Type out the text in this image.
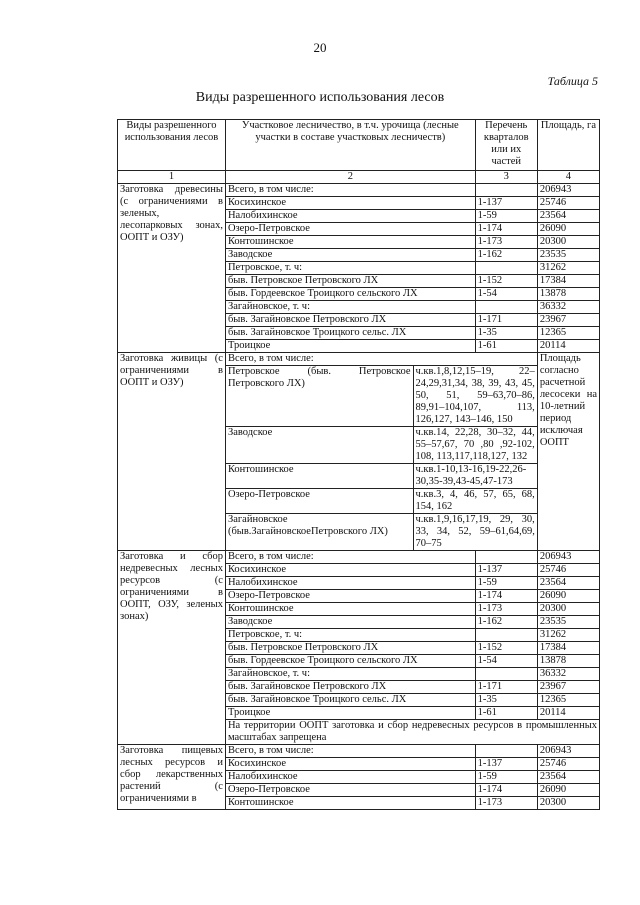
20
Таблица 5
Виды разрешенного использования лесов
Виды разрешенного использования лесов	Участковое лесничество, в т.ч. урочища (лесные участки в составе участковых лесничеств)		Перечень кварталов или их частей	Площадь, га
1	2		3	4
Заготовка древесины (с ограничениями в зеленых, лесопарковых зонах, ООПТ и ОЗУ)	Всего, в том числе:			206943
	Косихинское		1-137	25746
	Налобихинское		1-59	23564
	Озеро-Петровское		1-174	26090
	Контошинское		1-173	20300
	Заводское		1-162	23535
	Петровское, т. ч:			31262
	быв. Петровское Петровского ЛХ		1-152	17384
	быв. Гордеевское Троицкого сельского ЛХ		1-54	13878
	Загайновское, т. ч:			36332
	быв. Загайновское Петровского ЛХ		1-171	23967
	быв. Загайновское Троицкого сельс. ЛХ		1-35	12365
	Троицкое		1-61	20114
Заготовка живицы (с ограничениями в ООПТ и ОЗУ)	Всего, в том числе:			Площадь согласно расчетной лесосеки на 10-летний период исключая ООПТ
	Петровское (быв. Петровское Петровского ЛХ)	ч.кв.1,8,12,15–19, 22–24,29,31,34, 38, 39, 43, 45, 50, 51, 59–63,70–86, 89,91–104,107, 113, 126,127, 143–146, 150		
	Заводское	ч.кв.14, 22,28, 30–32, 44, 55–57,67, 70 ,80 ,92-102, 108, 113,117,118,127, 132		
	Контошинское	ч.кв.1-10,13-16,19-22,26-30,35-39,43-45,47-173		
	Озеро-Петровское	ч.кв.3, 4, 46, 57, 65, 68, 154, 162		
	Загайновское (быв.ЗагайновскоеПетровского ЛХ)	ч.кв.1,9,16,17,19, 29, 30, 33, 34, 52, 59–61,64,69, 70–75		
Заготовка и сбор недревесных лесных ресурсов (с ограничениями в ООПТ, ОЗУ, зеленых зонах)	Всего, в том числе:			206943
	Косихинское		1-137	25746
	Налобихинское		1-59	23564
	Озеро-Петровское		1-174	26090
	Контошинское		1-173	20300
	Заводское		1-162	23535
	Петровское, т. ч:			31262
	быв. Петровское Петровского ЛХ		1-152	17384
	быв. Гордеевское Троицкого сельского ЛХ		1-54	13878
	Загайновское, т. ч:			36332
	быв. Загайновское Петровского ЛХ		1-171	23967
	быв. Загайновское Троицкого сельс. ЛХ		1-35	12365
	Троицкое		1-61	20114
	На территории ООПТ заготовка и сбор недревесных ресурсов в промышленных масштабах запрещена			
Заготовка пищевых лесных ресурсов и сбор лекарственных растений (с ограничениями в	Всего, в том числе:			206943
	Косихинское		1-137	25746
	Налобихинское		1-59	23564
	Озеро-Петровское		1-174	26090
	Контошинское		1-173	20300
